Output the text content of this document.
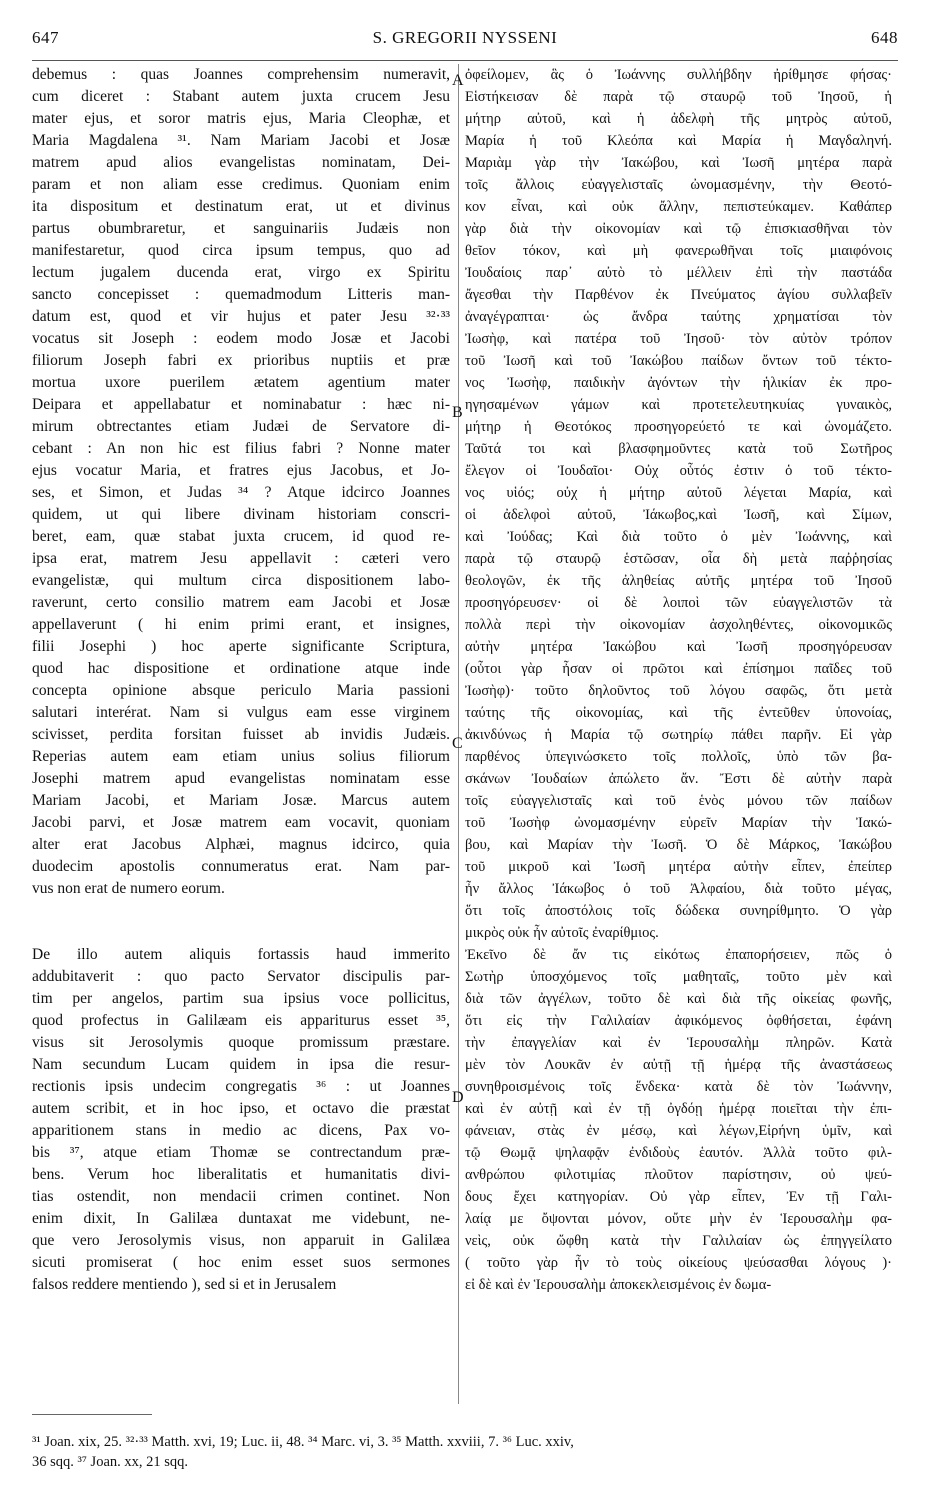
647	S. GREGORII NYSSENI	648
debemus : quas Joannes comprehensim numeravit,
cum diceret : Stabant autem juxta crucem Jesu
mater ejus, et soror matris ejus, Maria Cleophæ, et
Maria Magdalena ³¹. Nam Mariam Jacobi et Josæ
matrem apud alios evangelistas nominatam, Dei-
param et non aliam esse credimus. Quoniam enim
ita dispositum et destinatum erat, ut et divinus
partus obumbraretur, et sanguinariis Judæis non
manifestaretur, quod circa ipsum tempus, quo ad
lectum jugalem ducenda erat, virgo ex Spiritu
sancto concepisset : quemadmodum Litteris man-
datum est, quod et vir hujus et pater Jesu ³²·³³
vocatus sit Joseph : eodem modo Josæ et Jacobi
filiorum Joseph fabri ex prioribus nuptiis et præ
mortua uxore puerilem ætatem agentium mater
Deipara et appellabatur et nominabatur : hæc ni-
mirum obtrectantes etiam Judæi de Servatore di-
cebant : An non hic est filius fabri ? Nonne mater
ejus vocatur Maria, et fratres ejus Jacobus, et Jo-
ses, et Simon, et Judas ³⁴ ? Atque idcirco Joannes
quidem, ut qui libere divinam historiam conscri-
beret, eam, quæ stabat juxta crucem, id quod re-
ipsa erat, matrem Jesu appellavit : cæteri vero
evangelistæ, qui multum circa dispositionem labo-
raverunt, certo consilio matrem eam Jacobi et Josæ
appellaverunt ( hi enim primi erant, et insignes,
filii Josephi ) hoc aperte significante Scriptura,
quod hac dispositione et ordinatione atque inde
concepta opinione absque periculo Maria passioni
salutari interérat. Nam si vulgus eam esse virginem
scivisset, perdita forsitan fuisset ab invidis Judæis.
Reperias autem eam etiam unius solius filiorum
Josephi matrem apud evangelistas nominatam esse
Mariam Jacobi, et Mariam Josæ. Marcus autem
Jacobi parvi, et Josæ matrem eam vocavit, quoniam
alter erat Jacobus Alphæi, magnus idcirco, quia
duodecim apostolis connumeratus erat. Nam par-
vus non erat de numero eorum.
De illo autem aliquis fortassis haud immerito
addubitaverit : quo pacto Servator discipulis par-
tim per angelos, partim sua ipsius voce pollicitus,
quod profectus in Galilæam eis appariturus esset ³⁵,
visus sit Jerosolymis quoque promissum præstare.
Nam secundum Lucam quidem in ipsa die resur-
rectionis ipsis undecim congregatis ³⁶ : ut Joannes
autem scribit, et in hoc ipso, et octavo die præstat
apparitionem stans in medio ac dicens, Pax vo-
bis ³⁷, atque etiam Thomæ se contrectandum præ-
bens. Verum hoc liberalitatis et humanitatis divi-
tias ostendit, non mendacii crimen continet. Non
enim dixit, In Galilæa duntaxat me videbunt, ne-
que vero Jerosolymis visus, non apparuit in Galilæa
sicuti promiserat ( hoc enim esset suos sermones
falsos reddere mentiendo ), sed si et in Jerusalem
ὀφείλομεν, ἃς ὁ Ἰωάννης συλλήβδην ἠρίθμησε φήσας·
Εἱστήκεισαν δὲ παρὰ τῷ σταυρῷ τοῦ Ἰησοῦ, ἡ
μήτηρ αὐτοῦ, καὶ ἡ ἀδελφὴ τῆς μητρὸς αὐτοῦ,
Μαρία ἡ τοῦ Κλεόπα καὶ Μαρία ἡ Μαγδαληνή.
Μαριὰμ γὰρ τὴν Ἰακώβου, καὶ Ἰωσῆ μητέρα παρὰ
τοῖς ἄλλοις εὐαγγελισταῖς ὠνομασμένην, τὴν Θεοτό-
κον εἶναι, καὶ οὐκ ἄλλην, πεπιστεύκαμεν. Καθάπερ
γὰρ διὰ τὴν οἰκονομίαν καὶ τῷ ἐπισκιασθῆναι τὸν
θεῖον τόκον, καὶ μὴ φανερωθῆναι τοῖς μιαιφόνοις
Ἰουδαίοις παρ᾽ αὐτὸ τὸ μέλλειν ἐπὶ τὴν παστάδα
ἄγεσθαι τὴν Παρθένον ἐκ Πνεύματος ἁγίου συλλαβεῖν
ἀναγέγραπται· ὡς ἄνδρα ταύτης χρηματίσαι τὸν
Ἰωσὴφ, καὶ πατέρα τοῦ Ἰησοῦ· τὸν αὐτὸν τρόπον
τοῦ Ἰωσῆ καὶ τοῦ Ἰακώβου παίδων ὄντων τοῦ τέκτο-
νος Ἰωσὴφ, παιδικὴν ἀγόντων τὴν ἡλικίαν ἐκ προ-
ηγησαμένων γάμων καὶ προτετελευτηκυίας γυναικὸς,
μήτηρ ἡ Θεοτόκος προσηγορεύετό τε καὶ ὠνομάζετο.
Ταῦτά τοι καὶ βλασφημοῦντες κατὰ τοῦ Σωτῆρος
ἔλεγον οἱ Ἰουδαῖοι· Οὐχ οὗτός ἐστιν ὁ τοῦ τέκτο-
νος υἱός; οὐχ ἡ μήτηρ αὐτοῦ λέγεται Μαρία, καὶ
οἱ ἀδελφοὶ αὐτοῦ, Ἰάκωβος,καὶ Ἰωσῆ, καὶ Σίμων,
καὶ Ἰούδας; Καὶ διὰ τοῦτο ὁ μὲν Ἰωάννης, καὶ
παρὰ τῷ σταυρῷ ἑστῶσαν, οἷα δὴ μετὰ παῤῥησίας
θεολογῶν, ἐκ τῆς ἀληθείας αὐτῆς μητέρα τοῦ Ἰησοῦ
προσηγόρευσεν· οἱ δὲ λοιποὶ τῶν εὐαγγελιστῶν τὰ
πολλὰ περὶ τὴν οἰκονομίαν ἀσχοληθέντες, οἰκονομικῶς
αὐτὴν μητέρα Ἰακώβου καὶ Ἰωσῆ προσηγόρευσαν
(οὗτοι γὰρ ἦσαν οἱ πρῶτοι καὶ ἐπίσημοι παῖδες τοῦ
Ἰωσὴφ)· τοῦτο δηλοῦντος τοῦ λόγου σαφῶς, ὅτι μετὰ
ταύτης τῆς οἰκονομίας, καὶ τῆς ἐντεῦθεν ὑπονοίας,
ἀκινδύνως ἡ Μαρία τῷ σωτηρίῳ πάθει παρῆν. Εἰ γὰρ
παρθένος ὑπεγινώσκετο τοῖς πολλοῖς, ὑπὸ τῶν βα-
σκάνων Ἰουδαίων ἀπώλετο ἄν. Ἔστι δὲ αὐτὴν παρὰ
τοῖς εὐαγγελισταῖς καὶ τοῦ ἑνὸς μόνου τῶν παίδων
τοῦ Ἰωσὴφ ὠνομασμένην εὑρεῖν Μαρίαν τὴν Ἰακώ-
βου, καὶ Μαρίαν τὴν Ἰωσῆ. Ὁ δὲ Μάρκος, Ἰακώβου
τοῦ μικροῦ καὶ Ἰωσῆ μητέρα αὐτὴν εἶπεν, ἐπείπερ
ἦν ἄλλος Ἰάκωβος ὁ τοῦ Ἀλφαίου, διὰ τοῦτο μέγας,
ὅτι τοῖς ἀποστόλοις τοῖς δώδεκα συνηρίθμητο. Ὁ γὰρ
μικρὸς οὐκ ἦν αὐτοῖς ἐναρίθμιος.
Ἐκεῖνο δὲ ἄν τις εἰκότως ἐπαπορήσειεν, πῶς ὁ
Σωτὴρ ὑποσχόμενος τοῖς μαθηταῖς, τοῦτο μὲν καὶ
διὰ τῶν ἀγγέλων, τοῦτο δὲ καὶ διὰ τῆς οἰκείας φωνῆς,
ὅτι εἰς τὴν Γαλιλαίαν ἀφικόμενος ὀφθήσεται, ἐφάνη
τὴν ἐπαγγελίαν καὶ ἐν Ἱερουσαλὴμ πληρῶν. Κατὰ
μὲν τὸν Λουκᾶν ἐν αὐτῇ τῇ ἡμέρᾳ τῆς ἀναστάσεως
συνηθροισμένοις τοῖς ἕνδεκα· κατὰ δὲ τὸν Ἰωάννην,
καὶ ἐν αὐτῇ καὶ ἐν τῇ ὀγδόῃ ἡμέρᾳ ποιεῖται τὴν ἐπι-
φάνειαν, στὰς ἐν μέσῳ, καὶ λέγων,Εἰρήνη ὑμῖν, καὶ
τῷ Θωμᾷ ψηλαφᾷν ἐνδιδοὺς ἑαυτόν. Ἀλλὰ τοῦτο φιλ-
ανθρώπου φιλοτιμίας πλοῦτον παρίστησιν, οὐ ψεύ-
δους ἔχει κατηγορίαν. Οὐ γὰρ εἶπεν, Ἐν τῇ Γαλι-
λαίᾳ με ὄψονται μόνον, οὔτε μὴν ἐν Ἱερουσαλὴμ φα-
νεὶς, οὐκ ὤφθη κατὰ τὴν Γαλιλαίαν ὡς ἐπηγγείλατο
( τοῦτο γὰρ ἦν τὸ τοὺς οἰκείους ψεύσασθαι λόγους )·
εἰ δὲ καὶ ἐν Ἱερουσαλὴμ ἀποκεκλεισμένοις ἐν δωμα-
A
B
C
D
³¹ Joan. xix, 25. ³²·³³ Matth. xvi, 19; Luc. ii, 48. ³⁴ Marc. vi, 3. ³⁵ Matth. xxviii, 7. ³⁶ Luc. xxiv,
36 sqq. ³⁷ Joan. xx, 21 sqq.
